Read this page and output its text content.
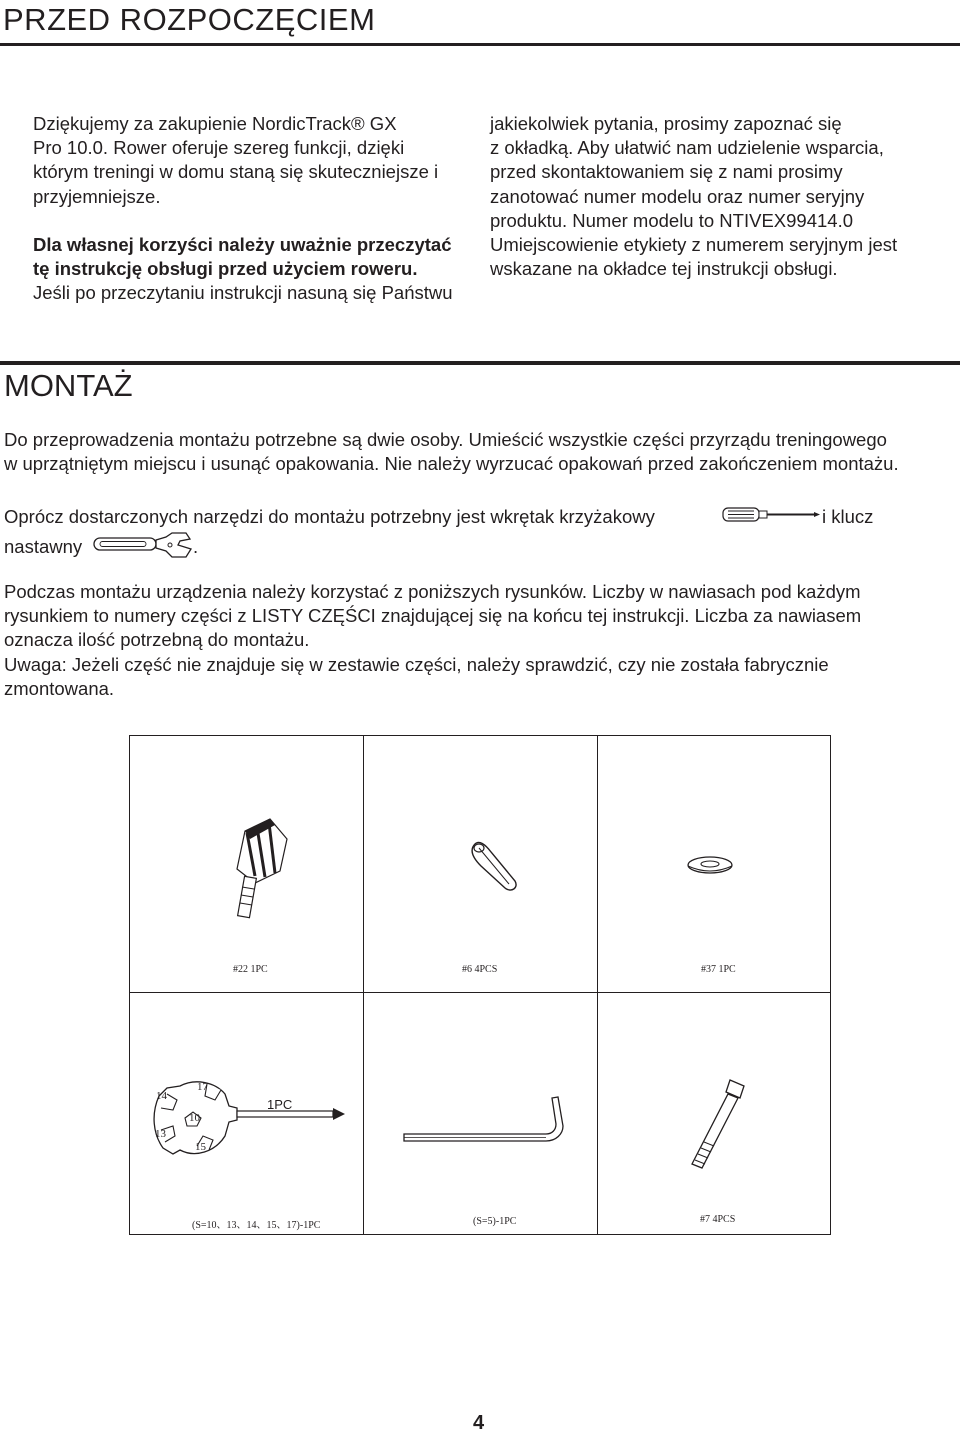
PRZED ROZPOCZĘCIEM

Dziękujemy za zakupienie NordicTrack® GX

Pro 10.0. Rower oferuje szereg funkcji, dzięki

którym treningi w domu staną się skuteczniejsze i

przyjemniejsze.

Dla własnej korzyści należy uważnie przeczytać

tę instrukcję obsługi przed użyciem roweru.

Jeśli po przeczytaniu instrukcji nasuną się Państwu

jakiekolwiek pytania, prosimy zapoznać się

z okładką. Aby ułatwić nam udzielenie wsparcia,

przed skontaktowaniem się z nami prosimy

zanotować numer modelu oraz numer seryjny

produktu. Numer modelu to NTIVEX99414.0

Umiejscowienie etykiety z numerem seryjnym jest

wskazane na okładce tej instrukcji obsługi.

MONTAŻ

Do przeprowadzenia montażu potrzebne są dwie osoby. Umieścić wszystkie części przyrządu treningowego

w uprzątniętym miejscu i usunąć opakowania. Nie należy wyrzucać opakowań przed zakończeniem montażu.

Oprócz dostarczonych narzędzi do montażu potrzebny jest wkrętak krzyżakowy	i klucz
nastawny	.

Podczas montażu urządzenia należy korzystać z poniższych rysunków. Liczby w nawiasach pod każdym

rysunkiem to numery części z LISTY CZĘŚCI znajdującej się na końcu tej instrukcji. Liczba za nawiasem

oznacza ilość potrzebną do montażu.

Uwaga: Jeżeli część nie znajduje się w zestawie części, należy sprawdzić, czy nie została fabrycznie

zmontowana.

#22 1PC	#6 4PCS	#37 1PC
14
17
10
13
15
1PC
(S=10、13、14、15、17)-1PC	(S=5)-1PC	#7 4PCS
4
